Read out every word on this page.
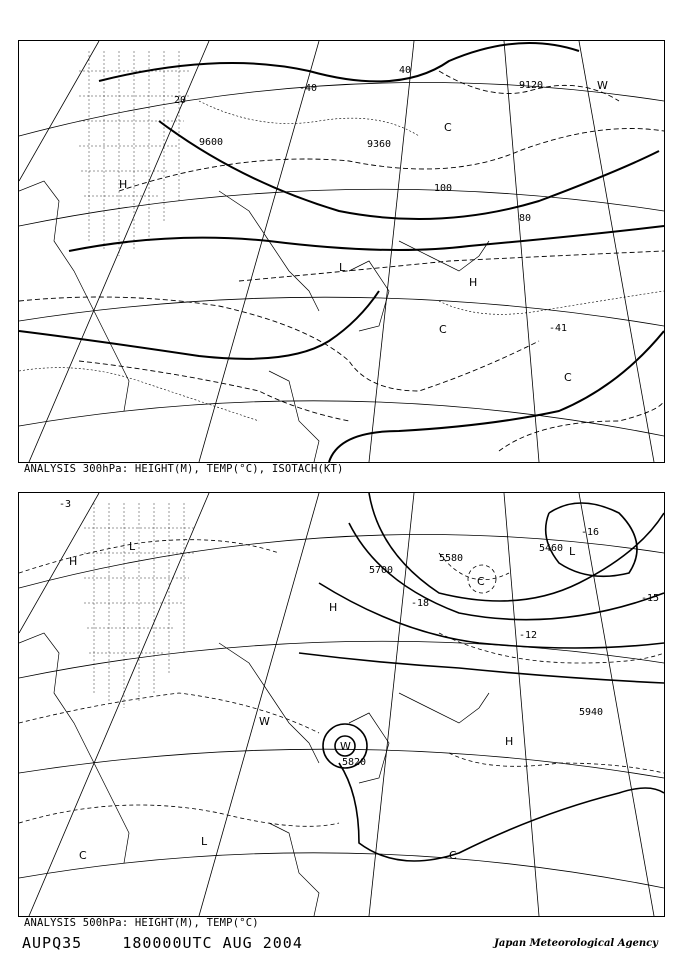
9120
9360
9600
20
40
80
100
-40
-41
H
H
L
C
C
C
W
ANALYSIS 300hPa: HEIGHT(M), TEMP(°C), ISOTACH(KT)
5460
5580
5700
5820
5940
-3
-12
-15
-16
-18
H
H
H
L	L
L
C
C	C
W
W
ANALYSIS 500hPa: HEIGHT(M), TEMP(°C)
AUPQ35	180000UTC AUG 2004	Japan Meteorological Agency
